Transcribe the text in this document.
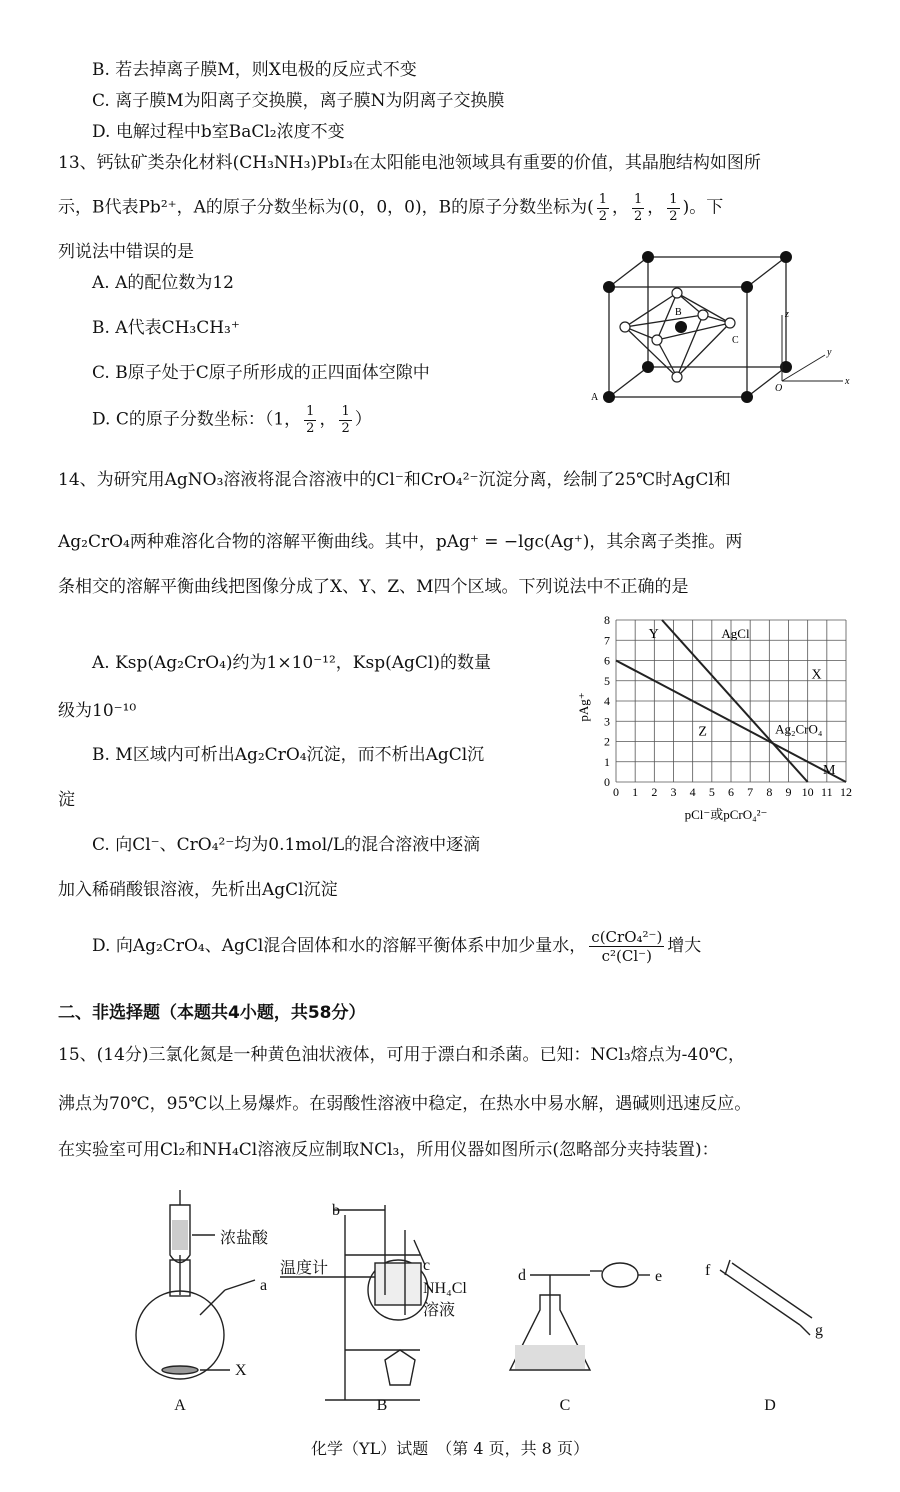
B. 若去掉离子膜M，则X电极的反应式不变
C. 离子膜M为阳离子交换膜，离子膜N为阴离子交换膜
D. 电解过程中b室BaCl₂浓度不变
13、钙钛矿类杂化材料(CH₃NH₃)PbI₃在太阳能电池领域具有重要的价值，其晶胞结构如图所
示，B代表Pb²⁺，A的原子分数坐标为(0，0，0)，B的原子分数坐标为( $\frac{1}{2}$ ， $\frac{1}{2}$ ， $\frac{1}{2}$ )。下
列说法中错误的是
A. A的配位数为12
B. A代表CH₃CH₃⁺
C. B原子处于C原子所形成的正四面体空隙中
D. C的原子分数坐标：（1， $\frac{1}{2}$ ， $\frac{1}{2}$ ）
A
B
C
O
x
y
z
14、为研究用AgNO₃溶液将混合溶液中的Cl⁻和CrO₄²⁻沉淀分离，绘制了25℃时AgCl和
Ag₂CrO₄两种难溶化合物的溶解平衡曲线。其中，pAg⁺ = −lgc(Ag⁺)，其余离子类推。两
条相交的溶解平衡曲线把图像分成了X、Y、Z、M四个区域。下列说法中不正确的是
A. Ksp(Ag₂CrO₄)约为1×10⁻¹²，Ksp(AgCl)的数量
级为10⁻¹⁰
B. M区域内可析出Ag₂CrO₄沉淀，而不析出AgCl沉
淀
C. 向Cl⁻、CrO₄²⁻均为0.1mol/L的混合溶液中逐滴
加入稀硝酸银溶液，先析出AgCl沉淀
D. 向Ag₂CrO₄、AgCl混合固体和水的溶解平衡体系中加少量水， $\frac{\text{c(CrO₄²⁻)}}{\text{c²(Cl⁻)}}$ 增大
0 1 2 3 4 5 6 7 8 9 10 11 12
0
1
2
3
4
5
6
7
8
AgCl
Ag₂CrO₄
Y
X
Z
M
pAg⁺
pCl⁻或pCrO₄²⁻
二、非选择题（本题共4小题，共58分）
15、(14分)三氯化氮是一种黄色油状液体，可用于漂白和杀菌。已知：NCl₃熔点为-40℃，
沸点为70℃，95℃以上易爆炸。在弱酸性溶液中稳定，在热水中易水解，遇碱则迅速反应。
在实验室可用Cl₂和NH₄Cl溶液反应制取NCl₃，所用仪器如图所示(忽略部分夹持装置)：
浓盐酸
a
X
A
b
温度计	c
NH₄Cl
溶液
B
d	e
C
f
g
D
化学（YL）试题　（第 4 页，共 8 页）
